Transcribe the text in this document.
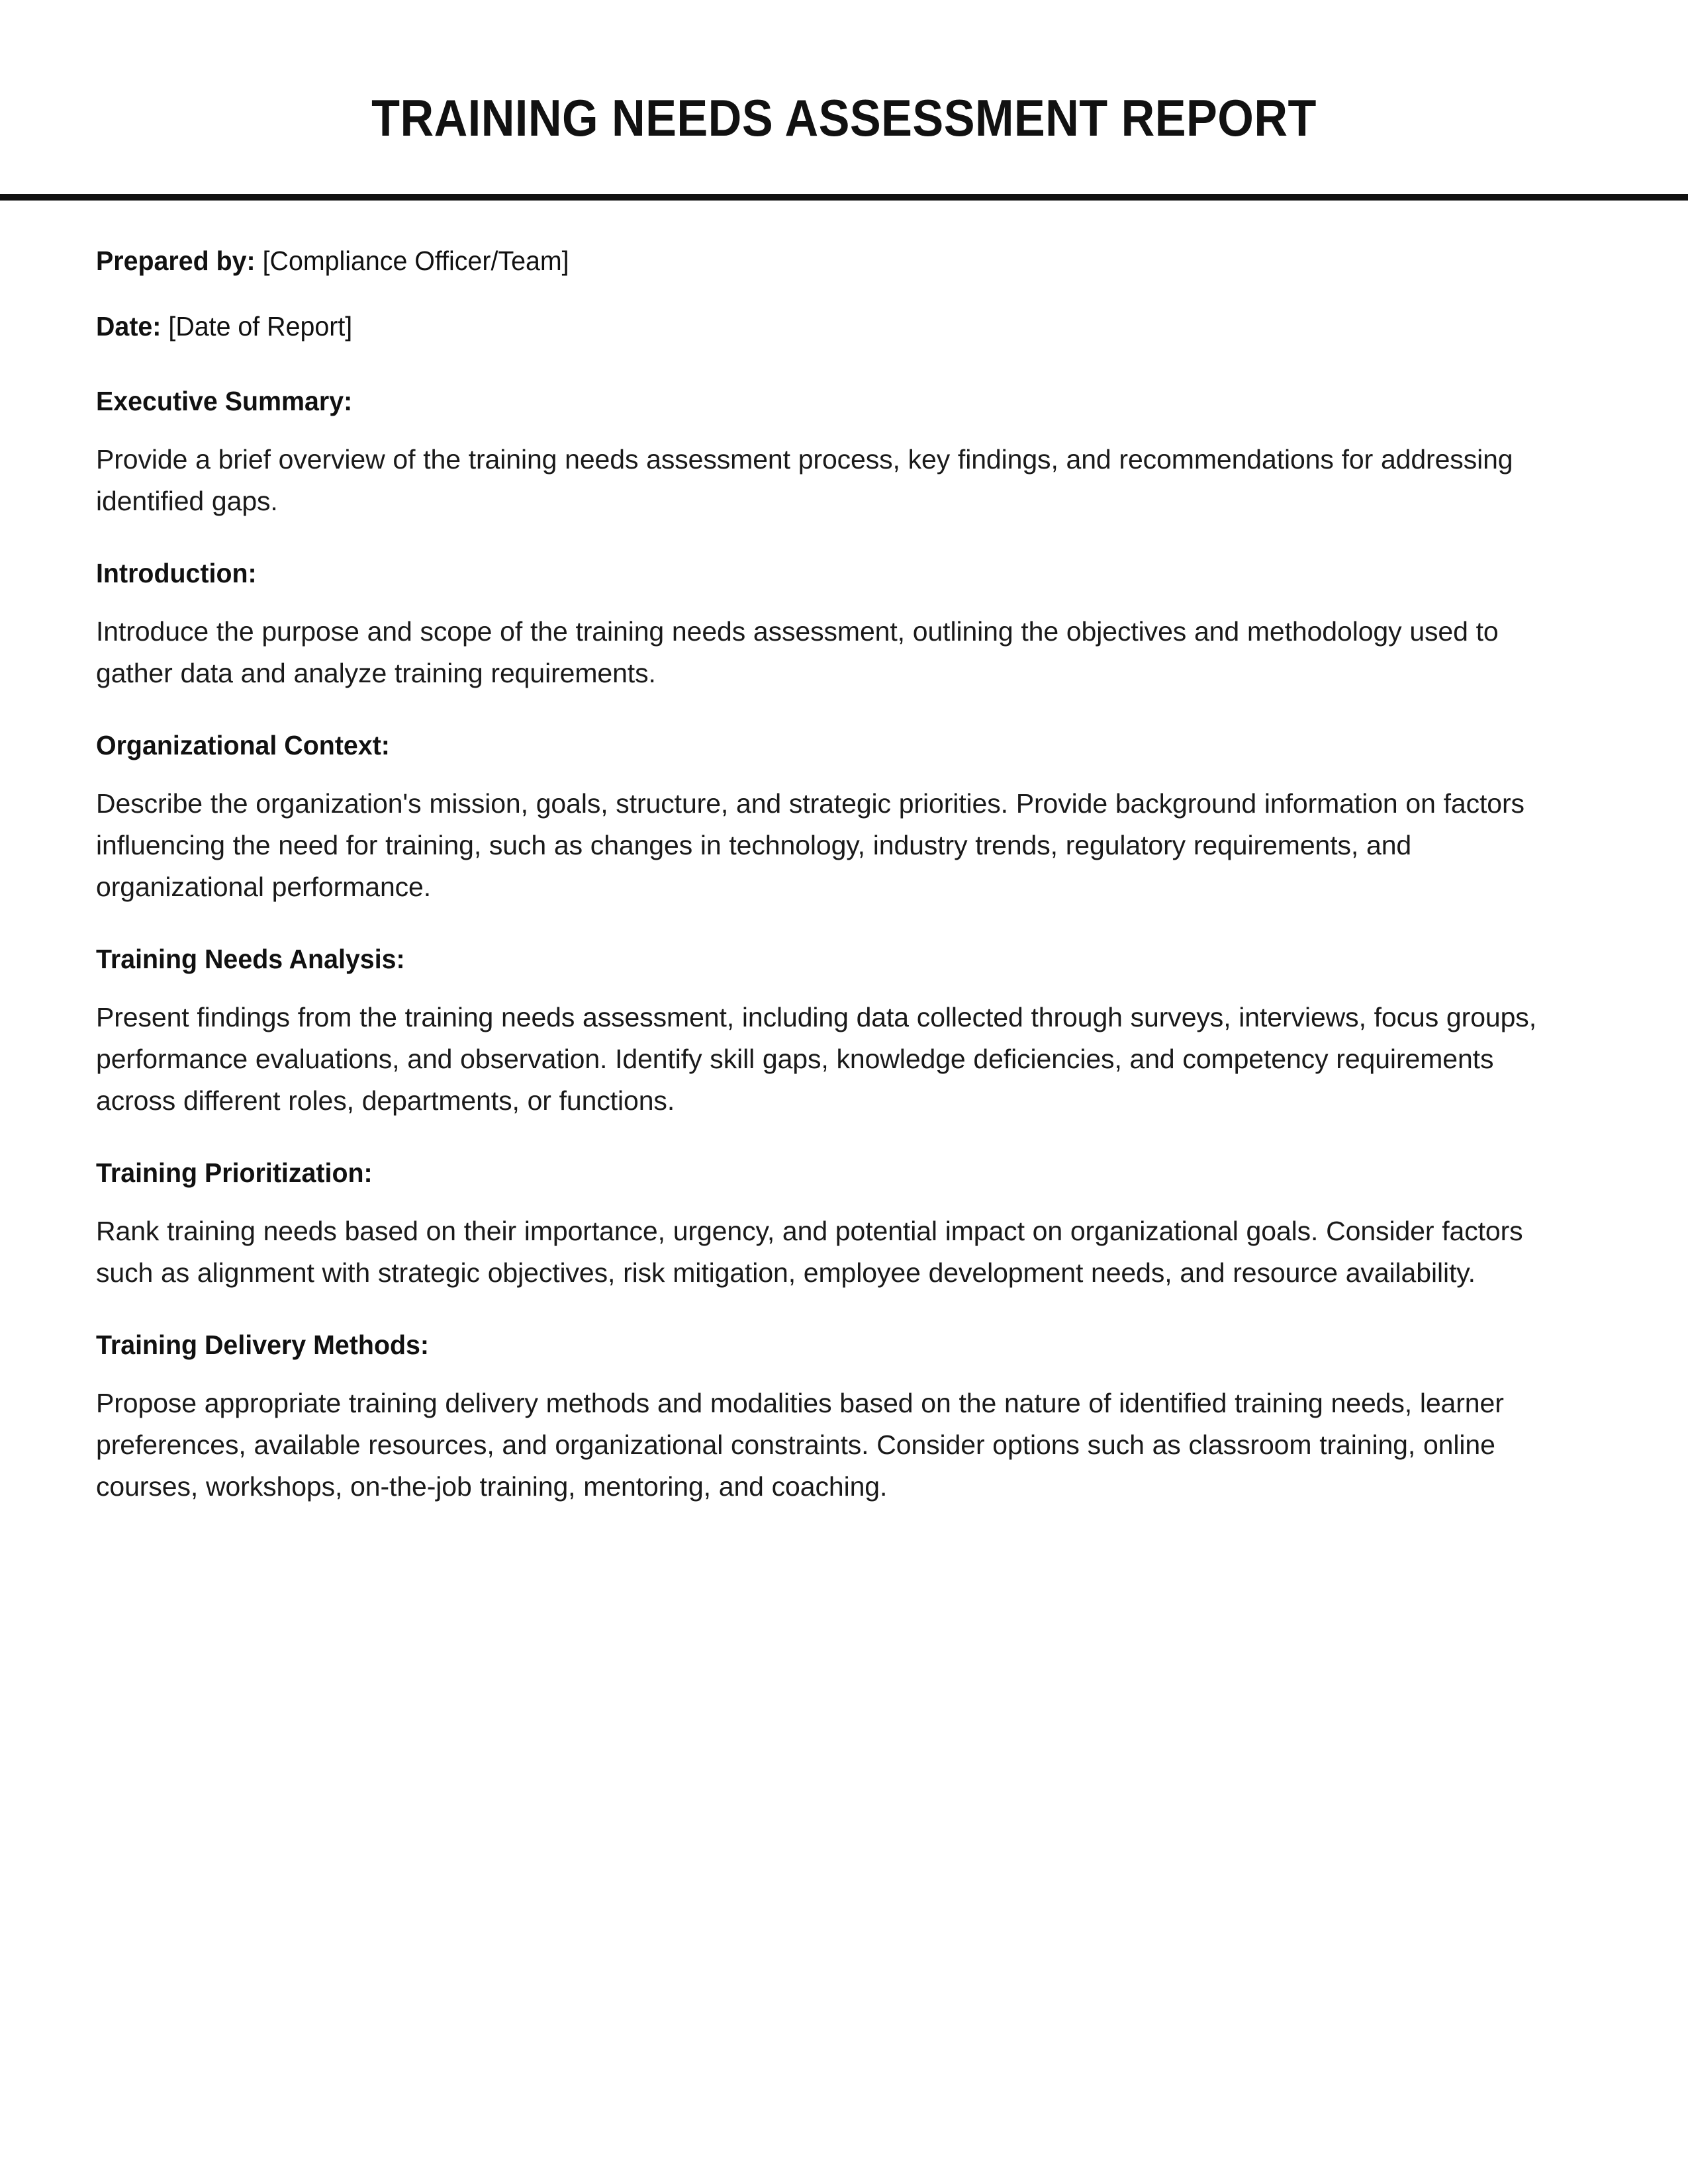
TRAINING NEEDS ASSESSMENT REPORT

Prepared by: [Compliance Officer/Team]

Date: [Date of Report]

Executive Summary:

Provide a brief overview of the training needs assessment process, key findings, and recommendations for addressing identified gaps.

Introduction:

Introduce the purpose and scope of the training needs assessment, outlining the objectives and methodology used to gather data and analyze training requirements.

Organizational Context:

Describe the organization's mission, goals, structure, and strategic priorities. Provide background information on factors influencing the need for training, such as changes in technology, industry trends, regulatory requirements, and organizational performance.

Training Needs Analysis:

Present findings from the training needs assessment, including data collected through surveys, interviews, focus groups, performance evaluations, and observation. Identify skill gaps, knowledge deficiencies, and competency requirements across different roles, departments, or functions.

Training Prioritization:

Rank training needs based on their importance, urgency, and potential impact on organizational goals. Consider factors such as alignment with strategic objectives, risk mitigation, employee development needs, and resource availability.

Training Delivery Methods:

Propose appropriate training delivery methods and modalities based on the nature of identified training needs, learner preferences, available resources, and organizational constraints. Consider options such as classroom training, online courses, workshops, on-the-job training, mentoring, and coaching.
